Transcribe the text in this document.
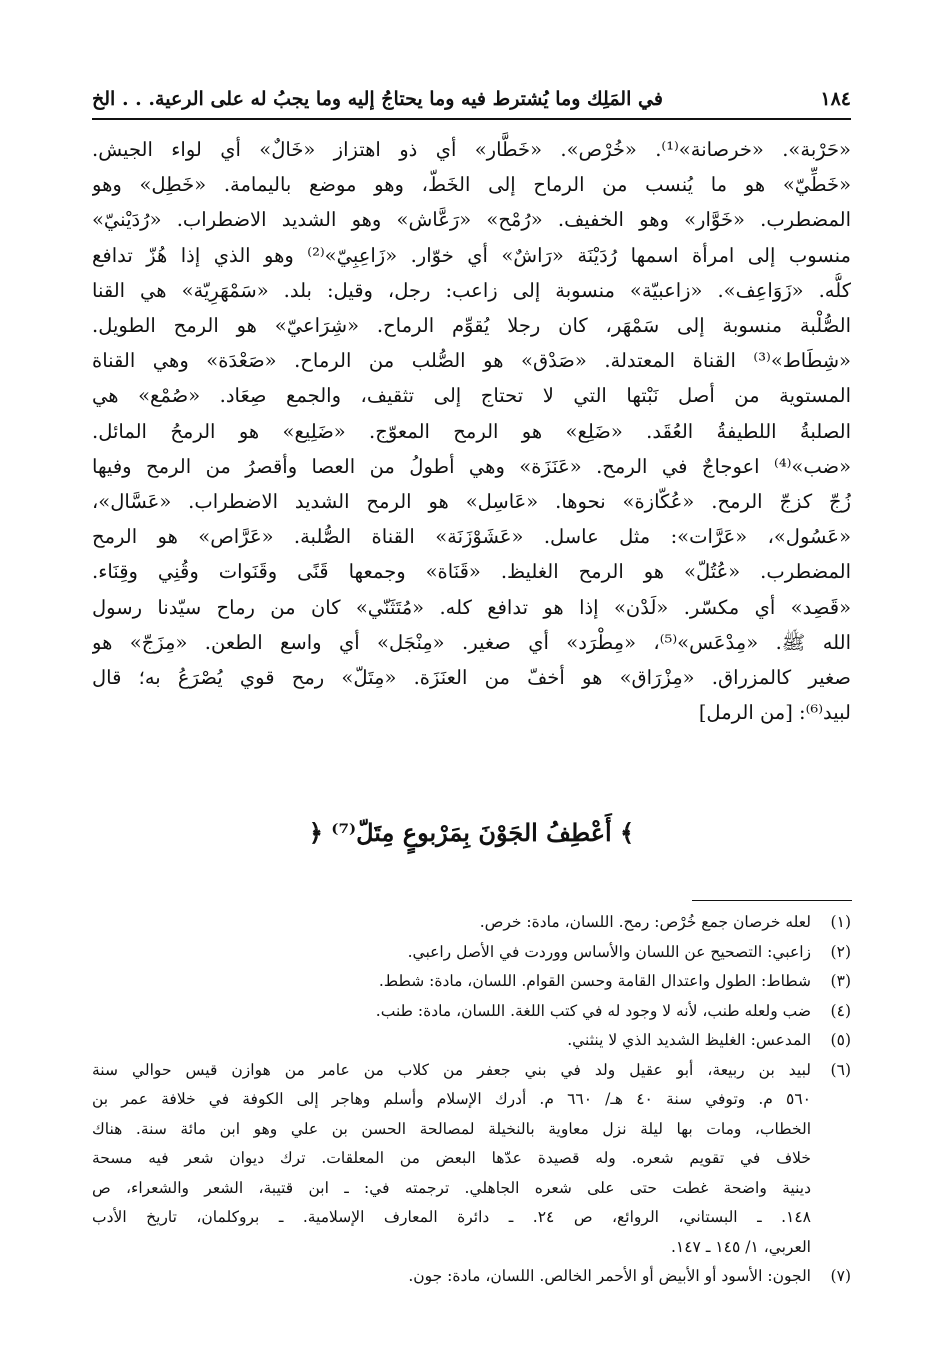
١٨٤
في المَلِك وما يُشترط فيه وما يحتاجُ إليه وما يجبُ له على الرعية. . . الخ
«حَرْبة». «خرصانة»⁽¹⁾. «خُرْص». «خَطَّار» أي ذو اهتزاز «خَالٌ» أي لواء الجيش.
«خَطِّيّ» هو ما يُنسب من الرماح إلى الخَطّ، وهو موضع باليمامة. «خَطِل» وهو
المضطرب. «خَوَّار» وهو الخفيف. «رُمْح» «رَعَّاش» وهو الشديد الاضطراب. «رُدَيْنيّ»
منسوب إلى امرأة اسمها رُدَيْنَة «رَاشٌ» أي خوّار. «زَاعِبِيّ»⁽²⁾ وهو الذي إذا هُزّ تدافع
كلُّه. «زَوَاعِف». «زاعبيّة» منسوبة إلى زاعب: رجل، وقيل: بلد. «سَمْهَرِيّة» هي القنا
الصُّلْبة منسوبة إلى سَمْهَر، كان رجلا يُقوِّم الرماح. «شِرَاعيّ» هو الرمح الطويل.
«شِطَاط»⁽³⁾ القناة المعتدلة. «صَدْق» هو الصُّلب من الرماح. «صَعْدَة» وهي القناة
المستوية من أصل نَبْتها التي لا تحتاج إلى تثقيف، والجمع صِعَاد. «صُمْع» هي
الصلبةُ اللطيفةُ العُقَد. «ضَلِع» هو الرمح المعوّج. «ضَلِيع» هو الرمحُ المائل.
«ضب»⁽⁴⁾ اعوجاجٌ في الرمح. «عَنَزَة» وهي أطولُ من العصا وأقصرُ من الرمح وفيها
زُجّ كزجّ الرمح. «عُكّازة» نحوها. «عَاسِل» هو الرمح الشديد الاضطراب. «عَسَّال»،
«عَسُول»، «عَرَّات»: مثل عاسل. «عَشَوْزَنَة» القناة الصُّلبة. «عَرَّاص» هو الرمح
المضطرب. «عُتُلّ» هو الرمح الغليظ. «قَنَاة» وجمعها قَنًى وقَنَوات وقُنِي وقِنَاء.
«قَصِد» أي مكسّر. «لَدْن» إذا هو تدافع كله. «مُتَثَنّي» كان من رماح سيّدنا رسول
الله ﷺ. «مِدْعَس»⁽⁵⁾، «مِطْرَد» أي صغير. «مِنْجَل» أي واسع الطعن. «مِزَجّ» هو
صغير كالمزراق. «مِزْرَاق» هو أخفّ من العنَزَة. «مِتَلّ» رمح قوي يُصْرَعُ به؛ قال
لبيد⁽⁶⁾: [من الرمل]
﴾ أَعْطِفُ الجَوْنَ بِمَرْبوعٍ مِتَلّ⁽⁷⁾ ﴿
(١)
لعله خرصان جمع خُرْص: رمح. اللسان، مادة: خرص.
(٢)
زاعبي: التصحيح عن اللسان والأساس ووردت في الأصل راعبي.
(٣)
شطاط: الطول واعتدال القامة وحسن القوام. اللسان، مادة: شطط.
(٤)
ضب ولعله طنب، لأنه لا وجود له في كتب اللغة. اللسان، مادة: طنب.
(٥)
المدعس: الغليظ الشديد الذي لا ينثني.
(٦)
لبيد بن ربيعة، أبو عقيل ولد في بني جعفر من كلاب من عامر من هوازن قيس حوالي سنة
٥٦٠ م. وتوفي سنة ٤٠ هـ/ ٦٦٠ م. أدرك الإسلام وأسلم وهاجر إلى الكوفة في خلافة عمر بن
الخطاب، ومات بها ليلة نزل معاوية بالنخيلة لمصالحة الحسن بن علي وهو ابن مائة سنة. هناك
خلاف في تقويم شعره. وله قصيدة عدّها البعض من المعلقات. ترك ديوان شعر فيه مسحة
دينية واضحة غطت حتى على شعره الجاهلي. ترجمته في: ـ ابن قتيبة، الشعر والشعراء، ص
١٤٨. ـ البستاني، الروائع، ص ٢٤. ـ دائرة المعارف الإسلامية. ـ بروكلمان، تاريخ الأدب
العربي، ١/ ١٤٥ ـ ١٤٧.
(٧)
الجون: الأسود أو الأبيض أو الأحمر الخالص. اللسان، مادة: جون.
